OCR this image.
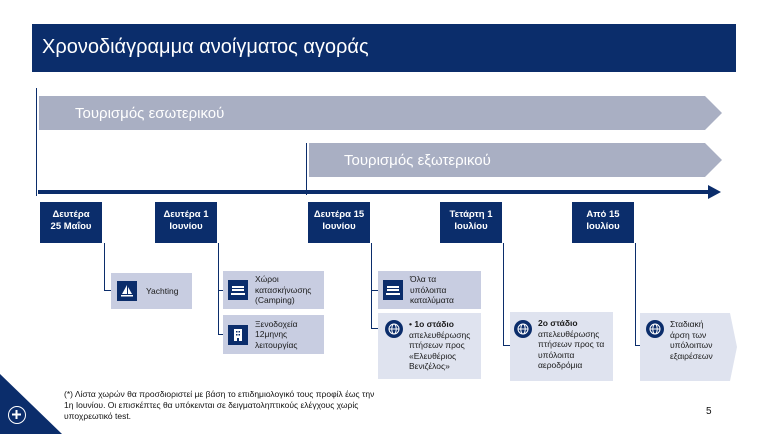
Χρονοδιάγραμμα ανοίγματος αγοράς
Τουρισμός εσωτερικού
Τουρισμός εξωτερικού
Δευτέρα
25 Μαΐου
Δευτέρα 1
Ιουνίου
Δευτέρα 15
Ιουνίου
Τετάρτη 1
Ιουλίου
Από 15
Ιουλίου
Yachting
Χώροι
κατασκήνωσης
(Camping)
Ξενοδοχεία
12μηνης
λειτουργίας
Όλα τα
υπόλοιπα
καταλύματα
• 1ο στάδιο
απελευθέρωσης
πτήσεων προς
«Ελευθέριος
Βενιζέλος»
2ο στάδιο
απελευθέρωσης
πτήσεων προς τα
υπόλοιπα
αεροδρόμια
Σταδιακή
άρση των
υπόλοιπων
εξαιρέσεων
(*) Λίστα χωρών θα προσδιοριστεί με βάση το επιδημιολογικό τους προφίλ έως την 1η Ιουνίου. Οι επισκέπτες θα υπόκεινται σε δειγματοληπτικούς ελέγχους χωρίς υποχρεωτικό test.	5
